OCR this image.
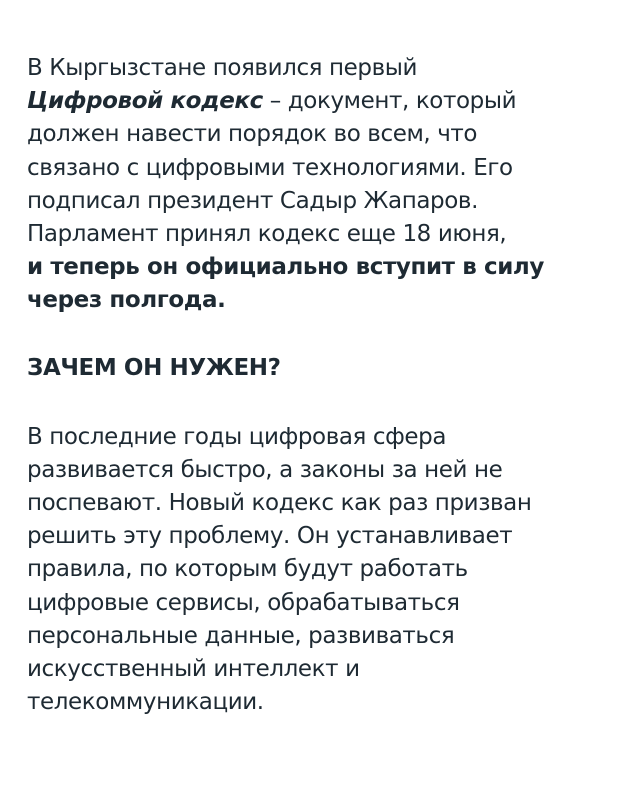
В Кыргызстане появился первый
Цифровой кодекс – документ, который
должен навести порядок во всем, что
связано с цифровыми технологиями. Его
подписал президент Садыр Жапаров.
Парламент принял кодекс еще 18 июня,
и теперь он официально вступит в силу
через полгода.

ЗАЧЕМ ОН НУЖЕН?

В последние годы цифровая сфера
развивается быстро, а законы за ней не
поспевают. Новый кодекс как раз призван
решить эту проблему. Он устанавливает
правила, по которым будут работать
цифровые сервисы, обрабатываться
персональные данные, развиваться
искусственный интеллект и
телекоммуникации.
